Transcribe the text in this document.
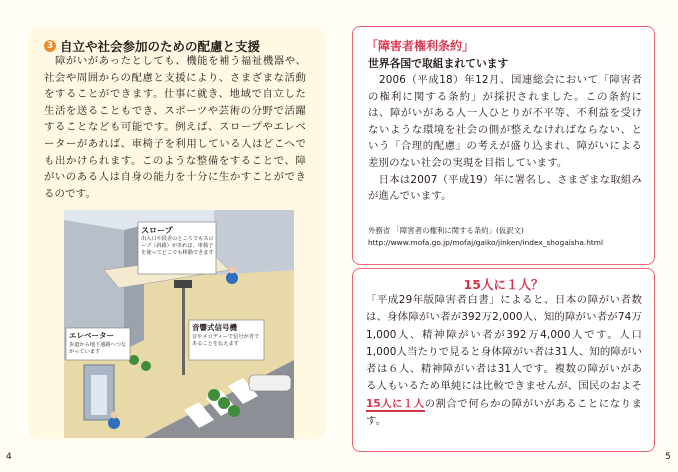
3 自立や社会参加のための配慮と支援
　障がいがあったとしても、機能を補う福祉機器や、社会や周囲からの配慮と支援により、さまざまな活動をすることができます。仕事に就き、地域で自立した生活を送ることもでき、スポーツや芸術の分野で活躍することなども可能です。例えば、スロープやエレベーターがあれば、車椅子を利用している人はどこへでも出かけられます。このような整備をすることで、障がいのある人は自身の能力を十分に生かすことができるのです。
スロープ
出入口や段差のところでもスロープ（斜路）があれば、車椅子を使ってどこでも移動できます
音響式信号機
音やメロディーで信号が青であることを伝えます
エレベーター
歩道から地下通路へつながっています
「障害者権利条約」
世界各国で取組まれています
　2006（平成18）年12月、国連総会において「障害者の権利に関する条約」が採択されました。この条約には、障がいがある人一人ひとりが不平等、不利益を受けないような環境を社会の側が整えなければならない、という「合理的配慮」の考えが盛り込まれ、障がいによる差別のない社会の実現を目指しています。
　日本は2007（平成19）年に署名し、さまざまな取組みが進んでいます。
外務省 「障害者の権利に関する条約」(仮訳文)
http://www.mofa.go.jp/mofaj/gaiko/jinken/index_shogaisha.html
15人に１人？
「平成29年版障害者白書」によると、日本の障がい者数は、身体障がい者が392万2,000人、知的障がい者が74万1,000人、精神障がい者が392万4,000人です。人口1,000人当たりで見ると身体障がい者は31人、知的障がい者は６人、精神障がい者は31人です。複数の障がいがある人もいるため単純には比較できませんが、国民のおよそ15人に１人の割合で何らかの障がいがあることになります。
4	5
